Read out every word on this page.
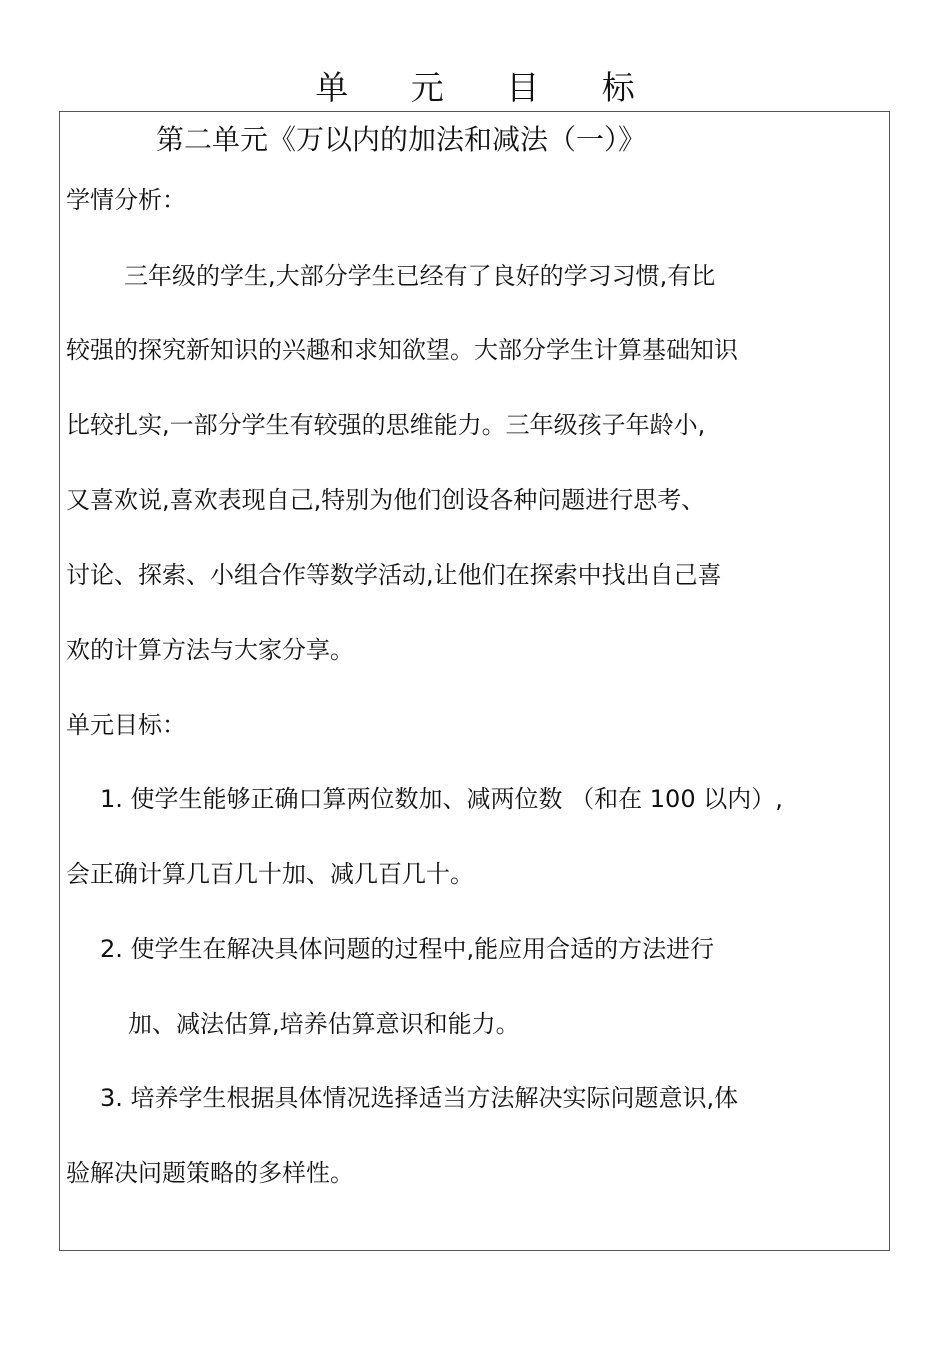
单 元 目 标
第二单元《万以内的加法和减法（一）》
学情分析：
三年级的学生,大部分学生已经有了良好的学习习惯,有比
较强的探究新知识的兴趣和求知欲望。大部分学生计算基础知识
比较扎实,一部分学生有较强的思维能力。三年级孩子年龄小,
又喜欢说,喜欢表现自己,特别为他们创设各种问题进行思考、
讨论、探索、小组合作等数学活动,让他们在探索中找出自己喜
欢的计算方法与大家分享。
单元目标：
1. 使学生能够正确口算两位数加、减两位数 （和在 100 以内）,
会正确计算几百几十加、减几百几十。
2. 使学生在解决具体问题的过程中,能应用合适的方法进行
加、减法估算,培养估算意识和能力。
3. 培养学生根据具体情况选择适当方法解决实际问题意识,体
验解决问题策略的多样性。
